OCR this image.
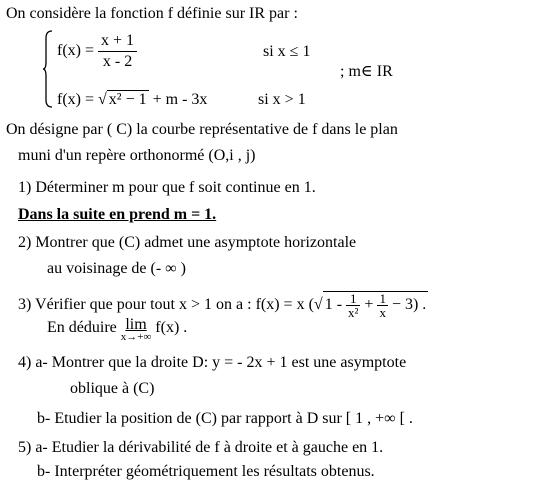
On considère la fonction f définie sur IR par :
$f(x) = \frac{x + 1}{x - 2}$	si x ≤ 1
; m∈ IR
f(x) = √ x² − 1 + m - 3x	si x > 1
On désigne par ( C) la courbe représentative de f dans le plan
muni d'un repère orthonormé (O,i , j)
1) Déterminer m pour que f soit continue en 1.
Dans la suite en prend m = 1.
2) Montrer que (C) admet une asymptote horizontale
au voisinage de (- ∞ )
3) Vérifier que pour tout x > 1 on a : f(x) = x (√ $1 - \frac{1}{\text{x²}} + \frac{1}{x} - 3$) .
En déduire lim
x→+∞
f(x) .
4) a- Montrer que la droite D: y = - 2x + 1 est une asymptote
oblique à (C)
b- Etudier la position de (C) par rapport à D sur [ 1 , +∞ [ .
5) a- Etudier la dérivabilité de f à droite et à gauche en 1.
b- Interpréter géométriquement les résultats obtenus.
